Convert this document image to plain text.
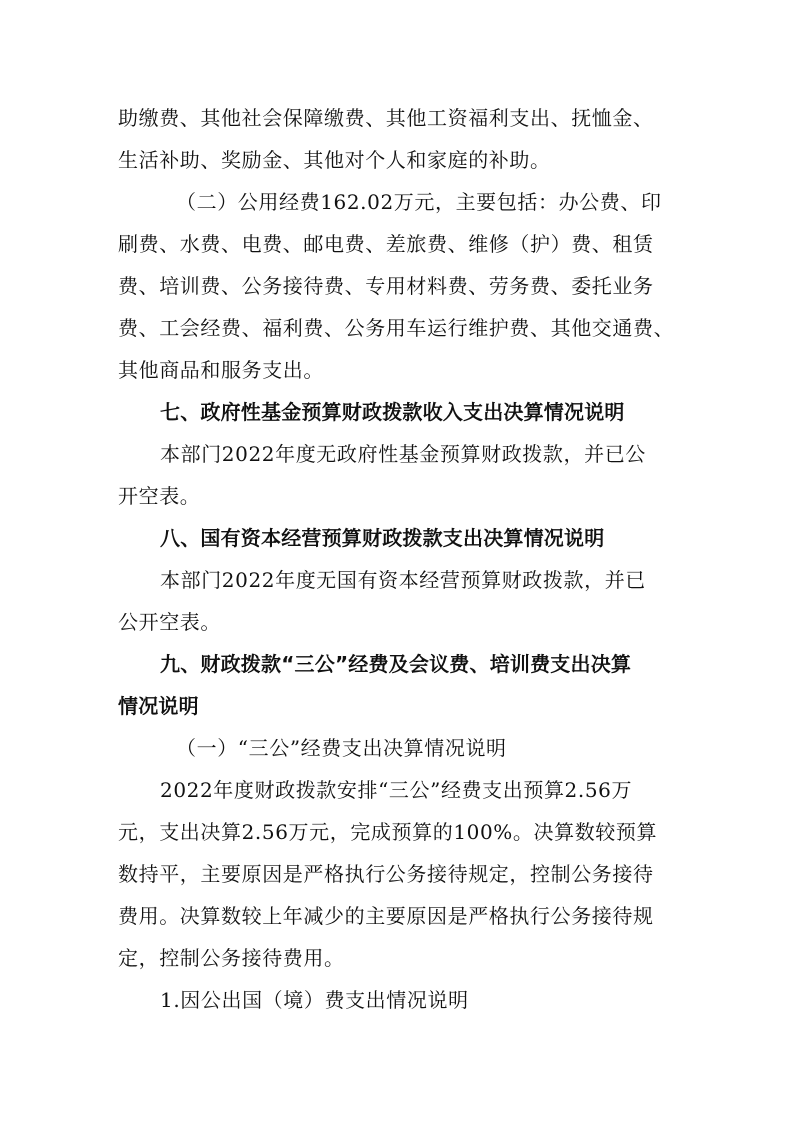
助缴费、其他社会保障缴费、其他工资福利支出、抚恤金、
生活补助、奖励金、其他对个人和家庭的补助。
（二）公用经费162.02万元，主要包括：办公费、印
刷费、水费、电费、邮电费、差旅费、维修（护）费、租赁
费、培训费、公务接待费、专用材料费、劳务费、委托业务
费、工会经费、福利费、公务用车运行维护费、其他交通费、
其他商品和服务支出。
七、政府性基金预算财政拨款收入支出决算情况说明
本部门2022年度无政府性基金预算财政拨款，并已公
开空表。
八、国有资本经营预算财政拨款支出决算情况说明
本部门2022年度无国有资本经营预算财政拨款，并已
公开空表。
九、财政拨款“三公”经费及会议费、培训费支出决算
情况说明
（一）“三公”经费支出决算情况说明
2022年度财政拨款安排“三公”经费支出预算2.56万
元，支出决算2.56万元，完成预算的100%。决算数较预算
数持平，主要原因是严格执行公务接待规定，控制公务接待
费用。决算数较上年减少的主要原因是严格执行公务接待规
定，控制公务接待费用。
1.因公出国（境）费支出情况说明
